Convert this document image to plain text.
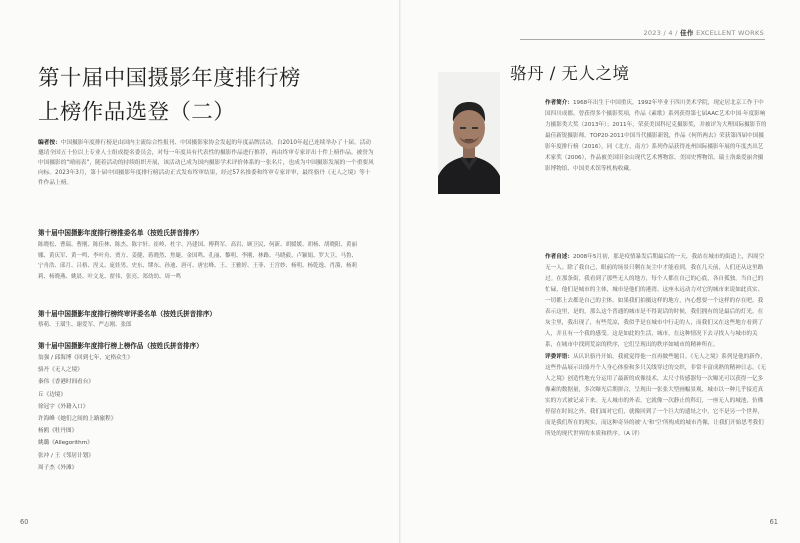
第十届中国摄影年度排行榜
上榜作品选登（二）
编者按：中国摄影年度排行榜是由国内主流综合性报刊、中国摄影家协会发起的年度品牌活动，自2010年起已连续举办了十届。活动邀请全国五十位以上专业人士组成提名委员会，对每一年度具有代表性的摄影作品进行推荐，再由终审专家评出十件上榜作品。被誉为中国摄影的“晴雨表”，随着活动的持续组织开展，该活动已成为国内摄影学术评价体系的一张名片，也成为中国摄影发展的一个重要风向标。2023年3月，第十届中国摄影年度排行榜活动正式发布终审结果，经过57名推委和终审专家评审，最终骆丹《无人之境》等十件作品上榜。
第十届中国摄影年度排行榜推委名单（按姓氏拼音排序）
陈晓松、曹瑞、曹刚、陈佳林、陈杰、陈宇轩、崔岭、杜宇、冯建国、傅利军、高岩、顾卫民、何新、胡媛媛、胡杨、胡晓阳、黄丽娜、黄庆军、黄一鸣、李叶舟、贾方、姜健、蒋晓然、焦婕、金国鸣、孔丽、黎明、李刚、林路、马晓毅、卢颖娟、罗大卫、马鲁、宁舟浩、邱月、吕格、涅义、庞娃男、史东、缪东、孙迪、唐可、唐宏峰、王、王雅婷、王菲、王宫妙、杨明、杨乾逸、肖漪、杨莉莉、杨晓燕、姚晨、叶文龙、翟伟、张亮、郑幼幼、周一鸣
第十届中国摄影年度排行榜终审评委名单（按姓氏拼音排序）
蔡萌、王璜生、谢爱军、严志刚、张郎
第十届中国摄影年度排行榜上榜作品（按姓氏拼音排序）
翁强 / 邱海博《回到七年，定格众生》
骆丹《无人之境》
秦伟《香港时间看台》
丘《边境》
徐冠宇《外籍入口》
许海峰《她们之间的上路旅程》
杨鸥《牡丹图》
姚璐《Allegorithm》
张冲 / 王《邻居计划》
周子杰《外滩》
60
2023 / 4 / 佳作 EXCELLENT WORKS
骆丹 / 无人之境

作者简介：1968年出生于中国重庆，1992年毕业于四川美术学院，现定居北京工作于中国四川成都。曾获得多个摄影奖项，作品《素歌》系列获得第七届AAC艺术中国·年度影响力摄影类大奖（2013年）；2011年，荣获美国科尼克摄影奖，并被评为大理国际摄影节的最佳新锐摄影师。TOP20·2011中国当代摄影新锐，作品《何所两去》荣获第四届中国摄影年度排行榜（2016），同《北方，南方》系列作品获得连州国际摄影年展的年度杰出艺术家奖（2006），作品被美国旧金山现代艺术博物馆、美国史博物馆、瑞士洛桑爱丽舍摄影博物馆、中国美术馆等机构收藏。

作者自述：2008年5月初，那是疫情暴发后期最后的一天，我站在城市的街道上，四周空无一人。除了我自己，眼前的场景只剩在灰尘中才能看到，我在几天前，人们还从这里路过。在那条街，我看到了那些无人的地方，每个人都在自己的心底，各自孤独。当自己的忙碌，他们是城市的主体，城市是他们的港湾。这座永远动力对它的城市来说如此真实、一切都上去都是自己的主体。如果我们拍摄这样的地方，内心想要一个这样的存在吧。我表示这里，是的，那么这个普通的城市是不得说话的时候，我们拥有的是最后的灯光。在灰尘里，我出现了，有些荒凉，我似乎是在城市中行走的人，而我们又在这些地方看到了人，并且有一个我的感受。这是如此的生活，城市，在这种情况下去寻找人与城市的关系，在城市中找到荒凉的秩序，它们呈现出的秩序如城市的精神所在。

评委评语：从认识骆丹开始，我就觉得他一直再做些题目。《无人之境》系列是他的新作，这些作品展示出骆丹个人身心体验和多只关线穿过的交织，非常丰富成熟的精神日志。《无人之境》创造性地充分运用了最新的成像技术，太尺寸传感器每一次曝光可以获得一亿多像素的数据量，多次曝光后期拼合，呈现出一张张大型画幅景观，城市以一种几乎接近真实的方式被记录下来。无人城市的外表，它就像一次静止的科幻，一座无人的城池，仿佛停留在时间之外，我们面对它们，就像回到了一个巨大的遗址之中，它不是另一个世界，而是我们所在的现实，而这种奇异的被'人'和'空'所构成的城市肖像，让我们开始思考我们所处的现代世界的本质和秩序。（A 评）

61
